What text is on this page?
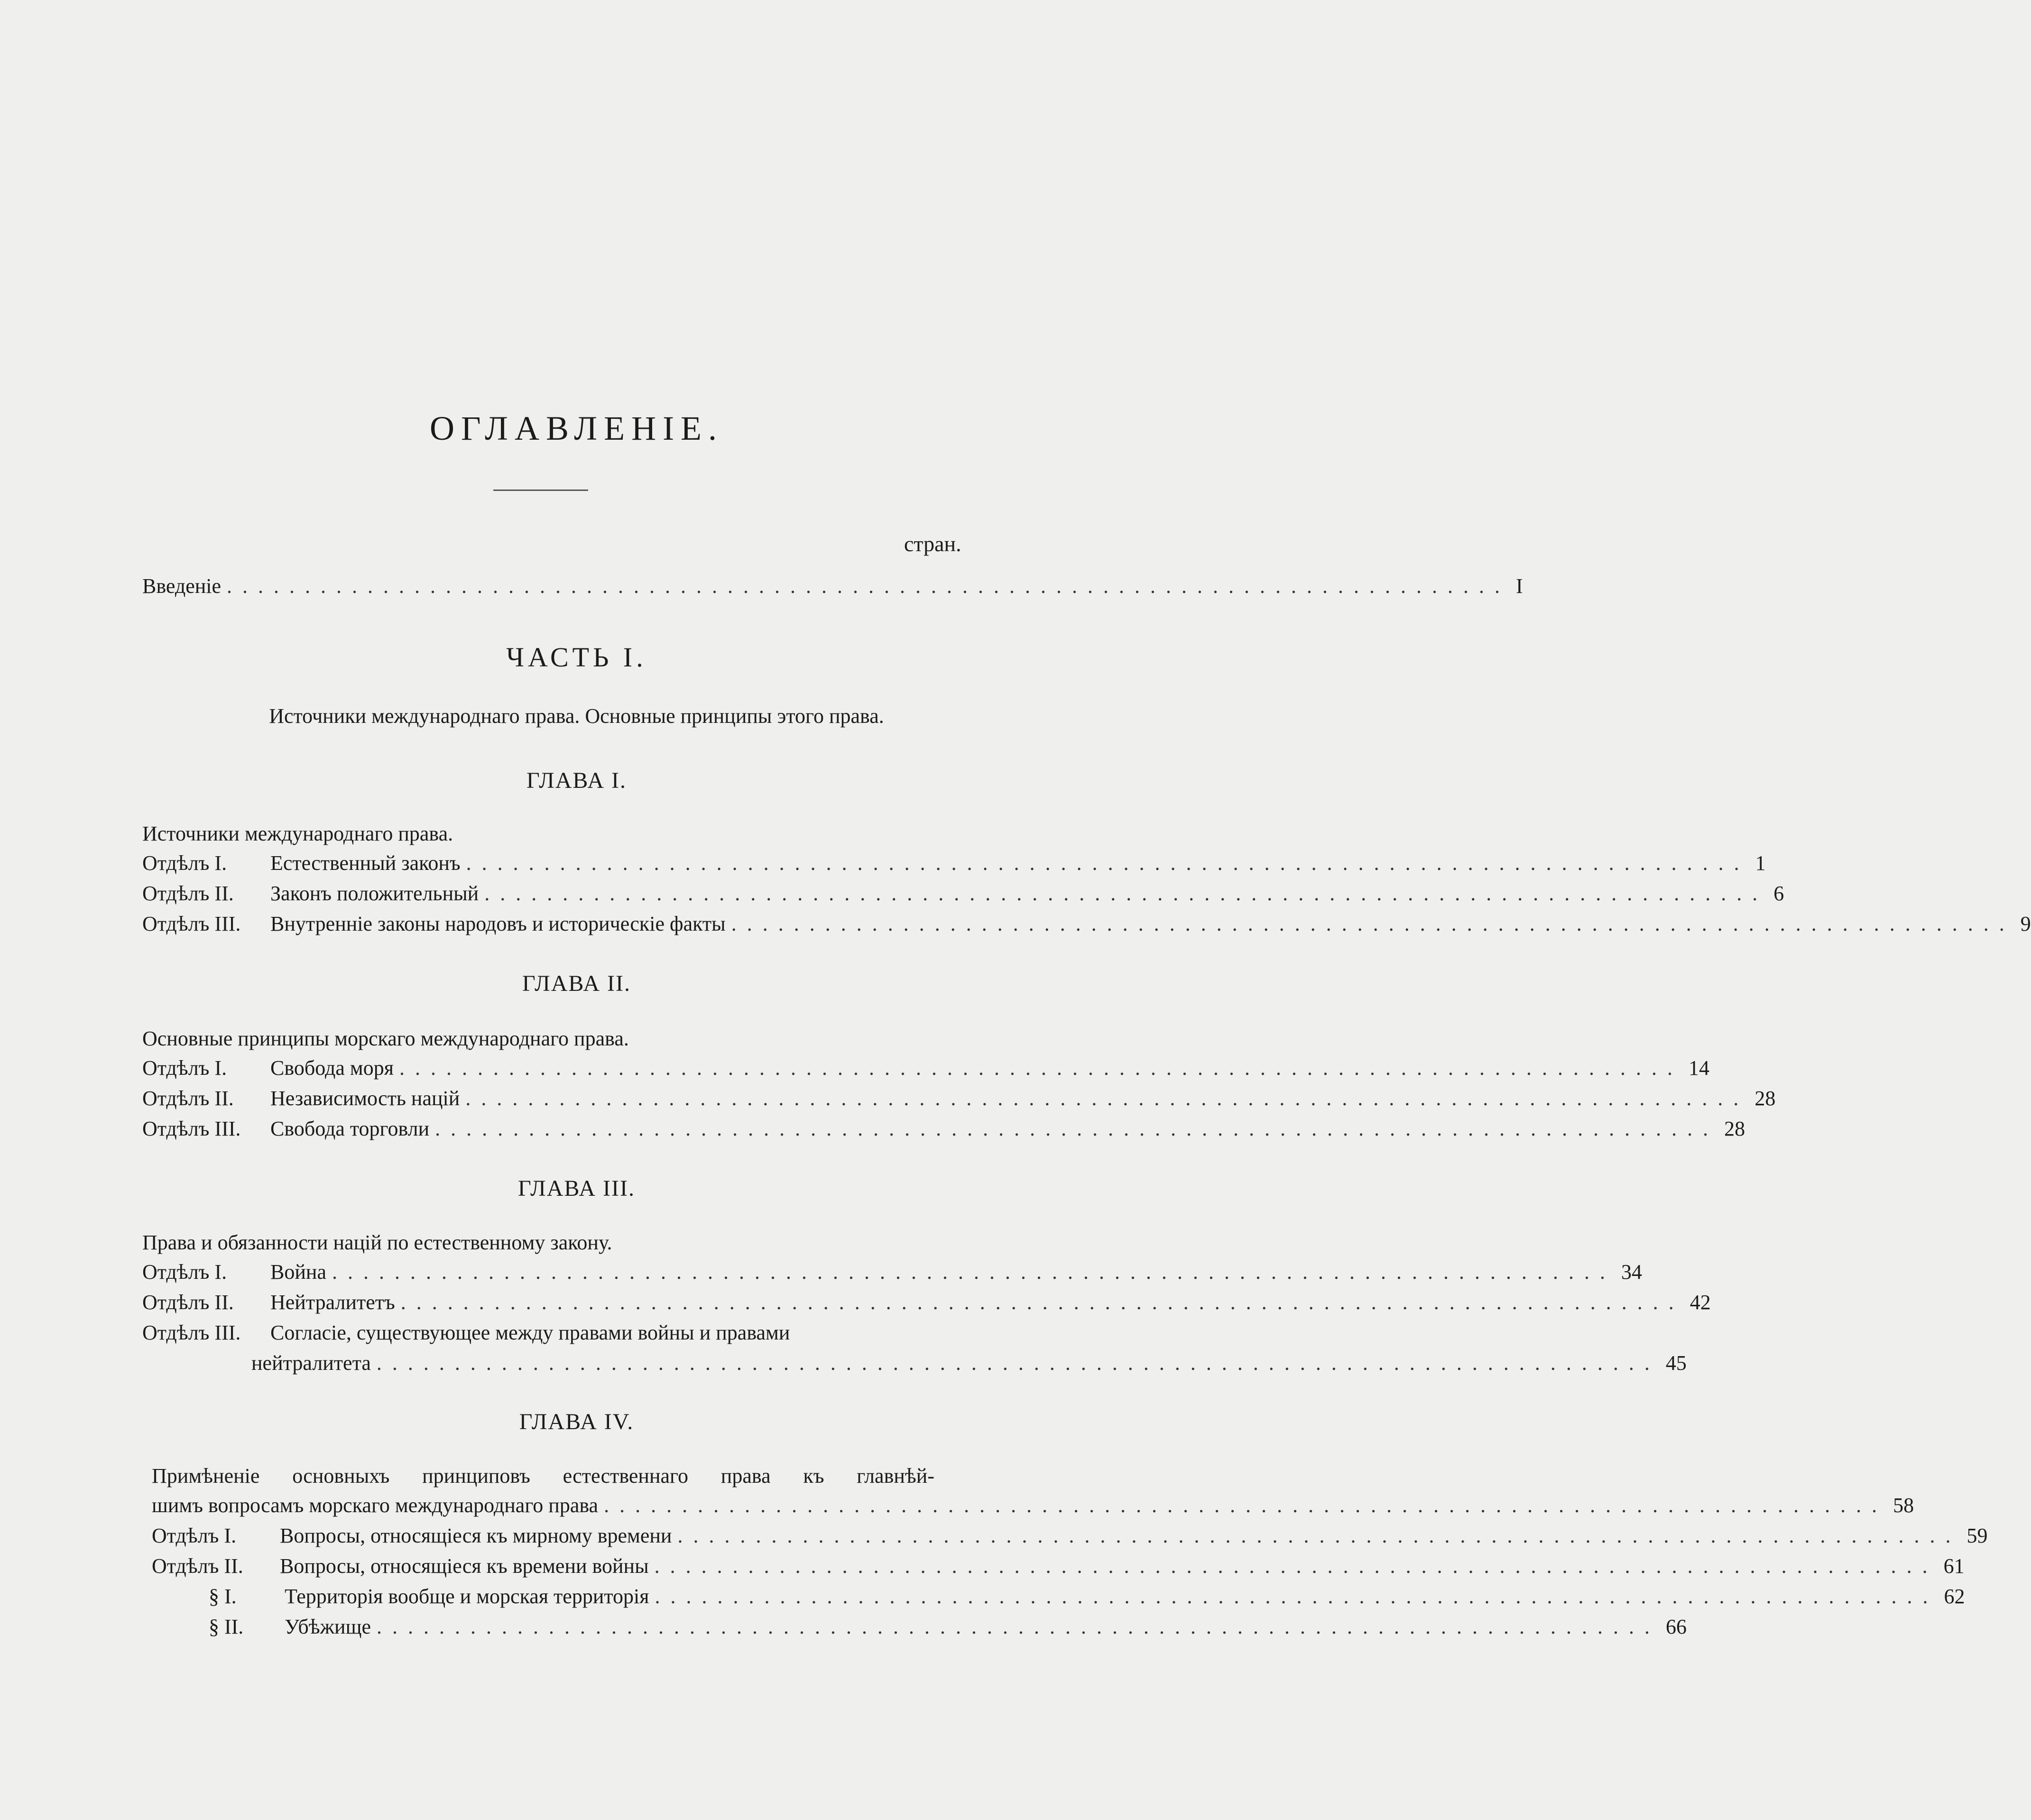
ОГЛАВЛЕНІЕ.
стран.
Введеніе .................................................................................. I
ЧАСТЬ I.
Источники международнаго права. Основные принципы этого права.
ГЛАВА I.
Источники международнаго права.
Отдѣлъ I. Естественный законъ .................................................................................. 1
Отдѣлъ II. Законъ положительный .................................................................................. 6
Отдѣлъ III. Внутренніе законы народовъ и историческіе факты .................................................................................. 9
ГЛАВА II.
Основные принципы морскаго международнаго права.
Отдѣлъ I. Свобода моря .................................................................................. 14
Отдѣлъ II. Независимость націй .................................................................................. 28
Отдѣлъ III. Свобода торговли .................................................................................. 28
ГЛАВА III.
Права и обязанности націй по естественному закону.
Отдѣлъ I. Война .................................................................................. 34
Отдѣлъ II. Нейтралитетъ .................................................................................. 42
Отдѣлъ III. Согласіе, существующее между правами войны и правами
нейтралитета .................................................................................. 45
ГЛАВА IV.
Примѣненіе основныхъ принциповъ естественнаго права къ главнѣй-
шимъ вопросамъ морскаго международнаго права .................................................................................. 58
Отдѣлъ I. Вопросы, относящіеся къ мирному времени .................................................................................. 59
Отдѣлъ II. Вопросы, относящіеся къ времени войны .................................................................................. 61
§ I. Территорія вообще и морская территорія .................................................................................. 62
§ II. Убѣжище .................................................................................. 66
